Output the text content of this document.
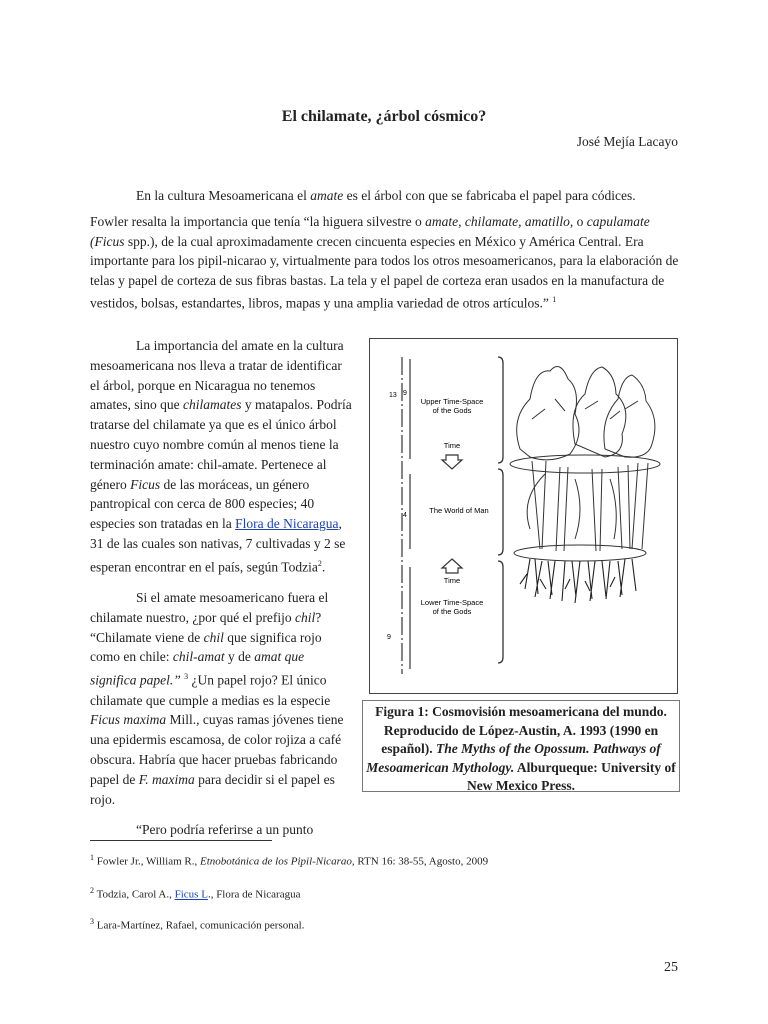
El chilamate, ¿árbol cósmico?
José Mejía Lacayo
En la cultura Mesoamericana el amate es el árbol con que se fabricaba el papel para códices.
Fowler resalta la importancia que tenía “la higuera silvestre o amate, chilamate, amatillo, o capulamate (Ficus spp.), de la cual aproximadamente crecen cincuenta especies en México y América Central. Era importante para los pipil-nicarao y, virtualmente para todos los otros mesoamericanos, para la elaboración de telas y papel de corteza de sus fibras bastas. La tela y el papel de corteza eran usados en la manufactura de vestidos, bolsas, estandartes, libros, mapas y una amplia variedad de otros artículos.” $^1$

La importancia del amate en la cultura mesoamericana nos lleva a tratar de identificar el árbol, porque en Nicaragua no tenemos amates, sino que chilamates y matapalos. Podría tratarse del chilamate ya que es el único árbol nuestro cuyo nombre común al menos tiene la terminación amate: chil-amate. Pertenece al género Ficus de las moráceas, un género pantropical con cerca de 800 especies; 40 especies son tratadas en la Flora de Nicaragua, 31 de las cuales son nativas, 7 cultivadas y 2 se esperan encontrar en el país, según Todzia$^2$.

Si el amate mesoamericano fuera el chilamate nuestro, ¿por qué el prefijo chil? “Chilamate viene de chil que significa rojo como en chile: chil-amat y de amat que significa papel.” $^3$ ¿Un papel rojo? El único chilamate que cumple a medias es la especie Ficus maxima Mill., cuyas ramas jóvenes tiene una epidermis escamosa, de color rojiza a café obscura. Habría que hacer pruebas fabricando papel de F. maxima para decidir si el papel es rojo.

“Pero podría referirse a un punto

13 9
4
9
Upper Time-Space
of the Gods
Time
The World of Man
Time
Lower Time-Space
of the Gods
Figura 1: Cosmovisión mesoamericana del mundo. Reproducido de López-Austin, A. 1993 (1990 en español). The Myths of the Opossum. Pathways of Mesoamerican Mythology. Alburqueque: University of New Mexico Press.
$^1$ Fowler Jr., William R., Etnobotánica de los Pipil-Nicarao, RTN 16: 38-55, Agosto, 2009
$^2$ Todzia, Carol A., Ficus L., Flora de Nicaragua
$^3$ Lara-Martínez, Rafael, comunicación personal.
25
